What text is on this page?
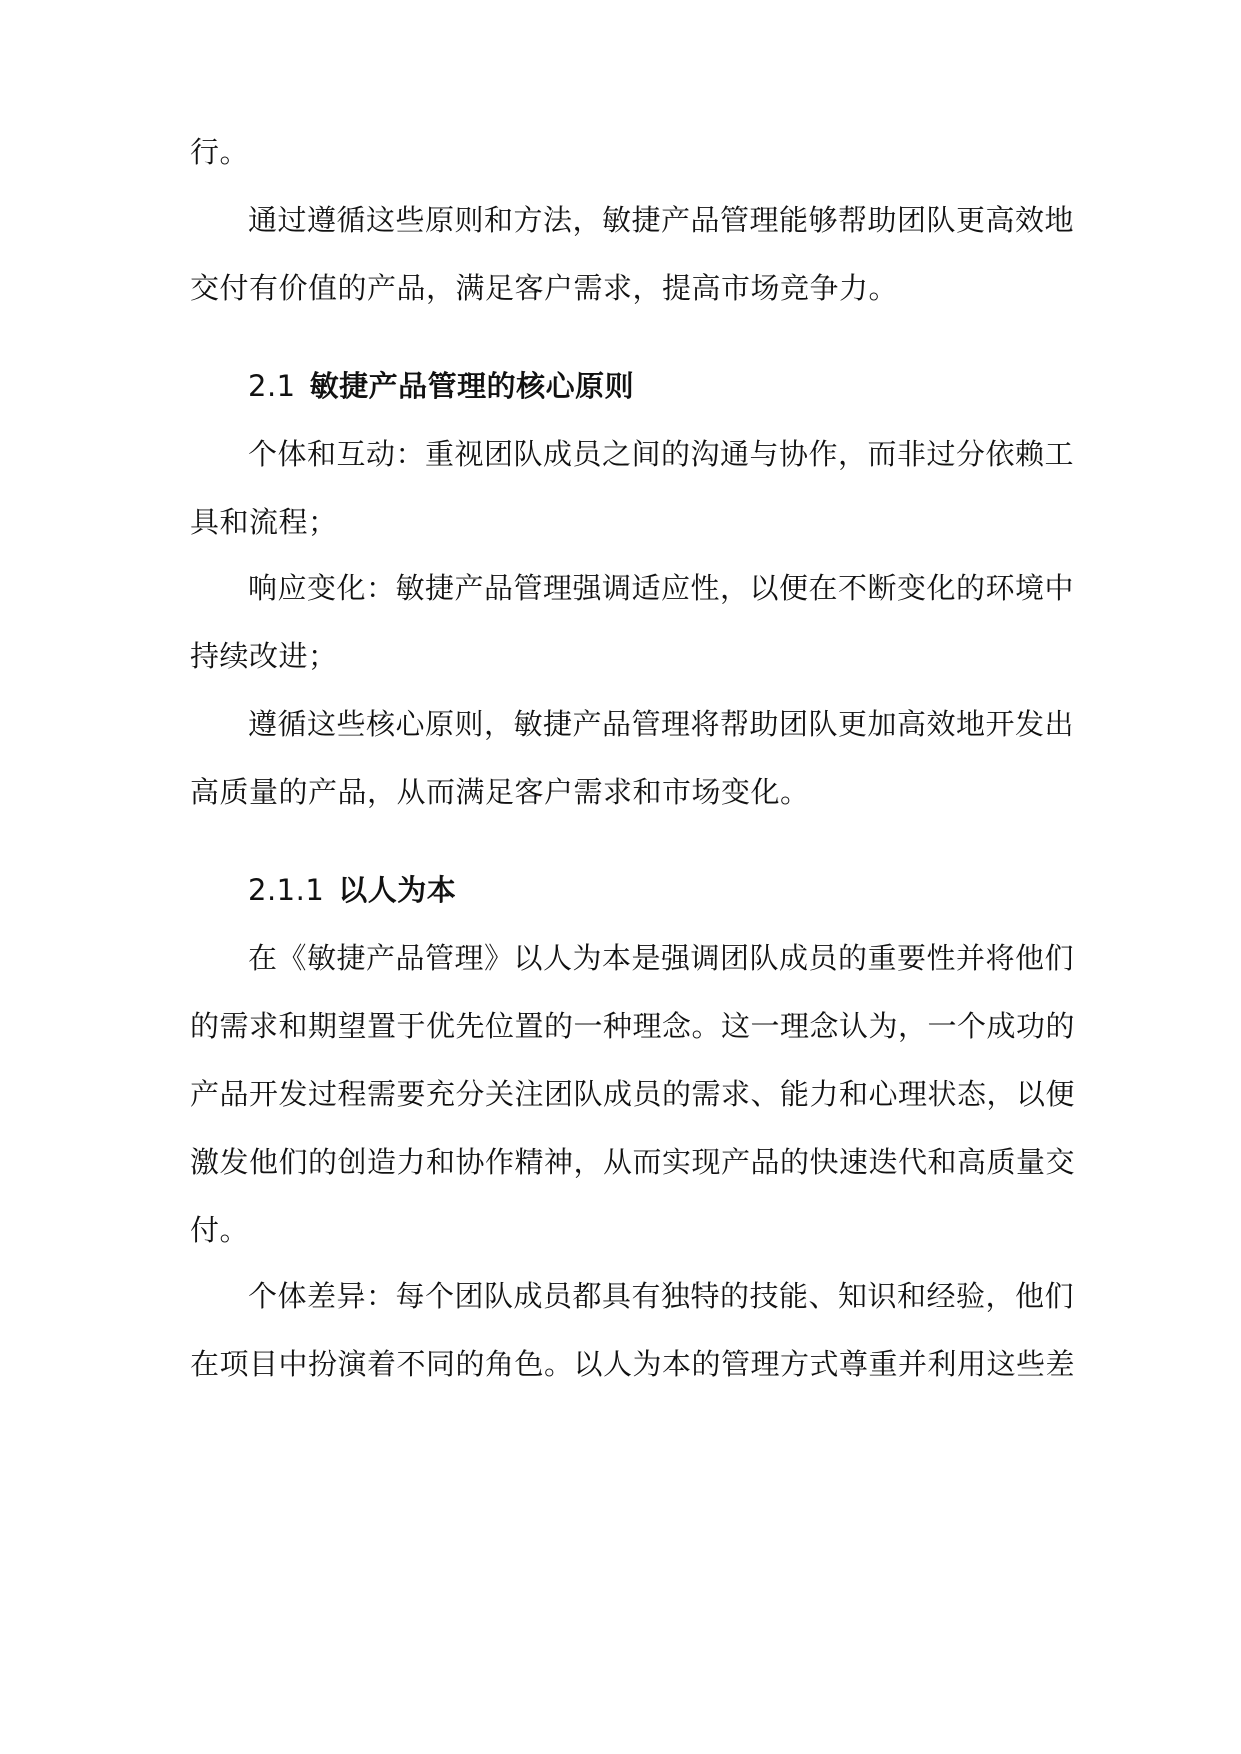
行。
通过遵循这些原则和方法，敏捷产品管理能够帮助团队更高效地
交付有价值的产品，满足客户需求，提高市场竞争力。
2.1 敏捷产品管理的核心原则
个体和互动：重视团队成员之间的沟通与协作，而非过分依赖工
具和流程；
响应变化：敏捷产品管理强调适应性，以便在不断变化的环境中
持续改进；
遵循这些核心原则，敏捷产品管理将帮助团队更加高效地开发出
高质量的产品，从而满足客户需求和市场变化。
2.1.1 以人为本
在《敏捷产品管理》以人为本是强调团队成员的重要性并将他们
的需求和期望置于优先位置的一种理念。这一理念认为，一个成功的
产品开发过程需要充分关注团队成员的需求、能力和心理状态，以便
激发他们的创造力和协作精神，从而实现产品的快速迭代和高质量交
付。
个体差异：每个团队成员都具有独特的技能、知识和经验，他们
在项目中扮演着不同的角色。以人为本的管理方式尊重并利用这些差
